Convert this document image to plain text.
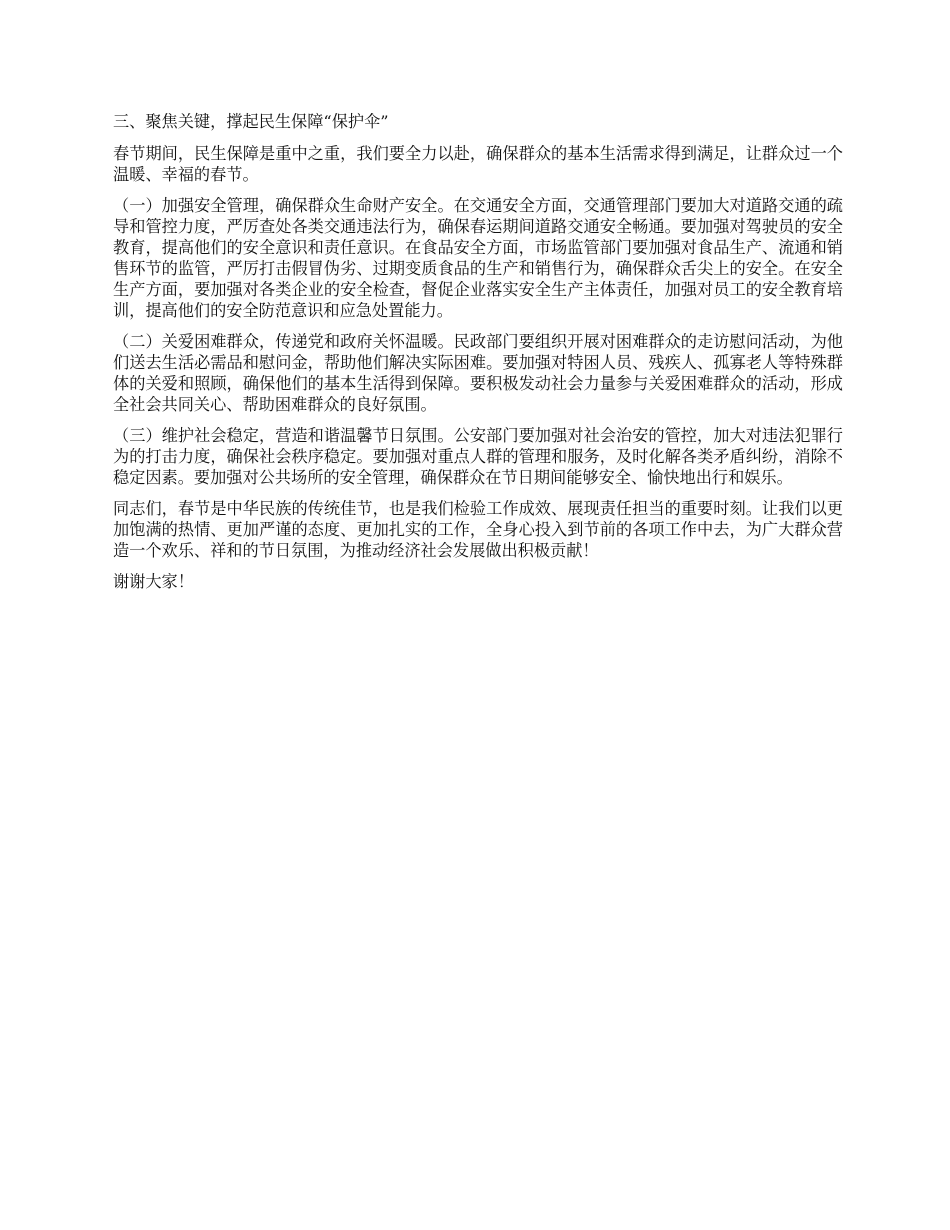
三、聚焦关键，撑起民生保障“保护伞”

春节期间，民生保障是重中之重，我们要全力以赴，确保群众的基本生活需求得到满足，让群众过一个温暖、幸福的春节。

（一）加强安全管理，确保群众生命财产安全。在交通安全方面，交通管理部门要加大对道路交通的疏导和管控力度，严厉查处各类交通违法行为，确保春运期间道路交通安全畅通。要加强对驾驶员的安全教育，提高他们的安全意识和责任意识。在食品安全方面，市场监管部门要加强对食品生产、流通和销售环节的监管，严厉打击假冒伪劣、过期变质食品的生产和销售行为，确保群众舌尖上的安全。在安全生产方面，要加强对各类企业的安全检查，督促企业落实安全生产主体责任，加强对员工的安全教育培训，提高他们的安全防范意识和应急处置能力。

（二）关爱困难群众，传递党和政府关怀温暖。民政部门要组织开展对困难群众的走访慰问活动，为他们送去生活必需品和慰问金，帮助他们解决实际困难。要加强对特困人员、残疾人、孤寡老人等特殊群体的关爱和照顾，确保他们的基本生活得到保障。要积极发动社会力量参与关爱困难群众的活动，形成全社会共同关心、帮助困难群众的良好氛围。

（三）维护社会稳定，营造和谐温馨节日氛围。公安部门要加强对社会治安的管控，加大对违法犯罪行为的打击力度，确保社会秩序稳定。要加强对重点人群的管理和服务，及时化解各类矛盾纠纷，消除不稳定因素。要加强对公共场所的安全管理，确保群众在节日期间能够安全、愉快地出行和娱乐。

同志们，春节是中华民族的传统佳节，也是我们检验工作成效、展现责任担当的重要时刻。让我们以更加饱满的热情、更加严谨的态度、更加扎实的工作，全身心投入到节前的各项工作中去，为广大群众营造一个欢乐、祥和的节日氛围，为推动经济社会发展做出积极贡献！

谢谢大家！
